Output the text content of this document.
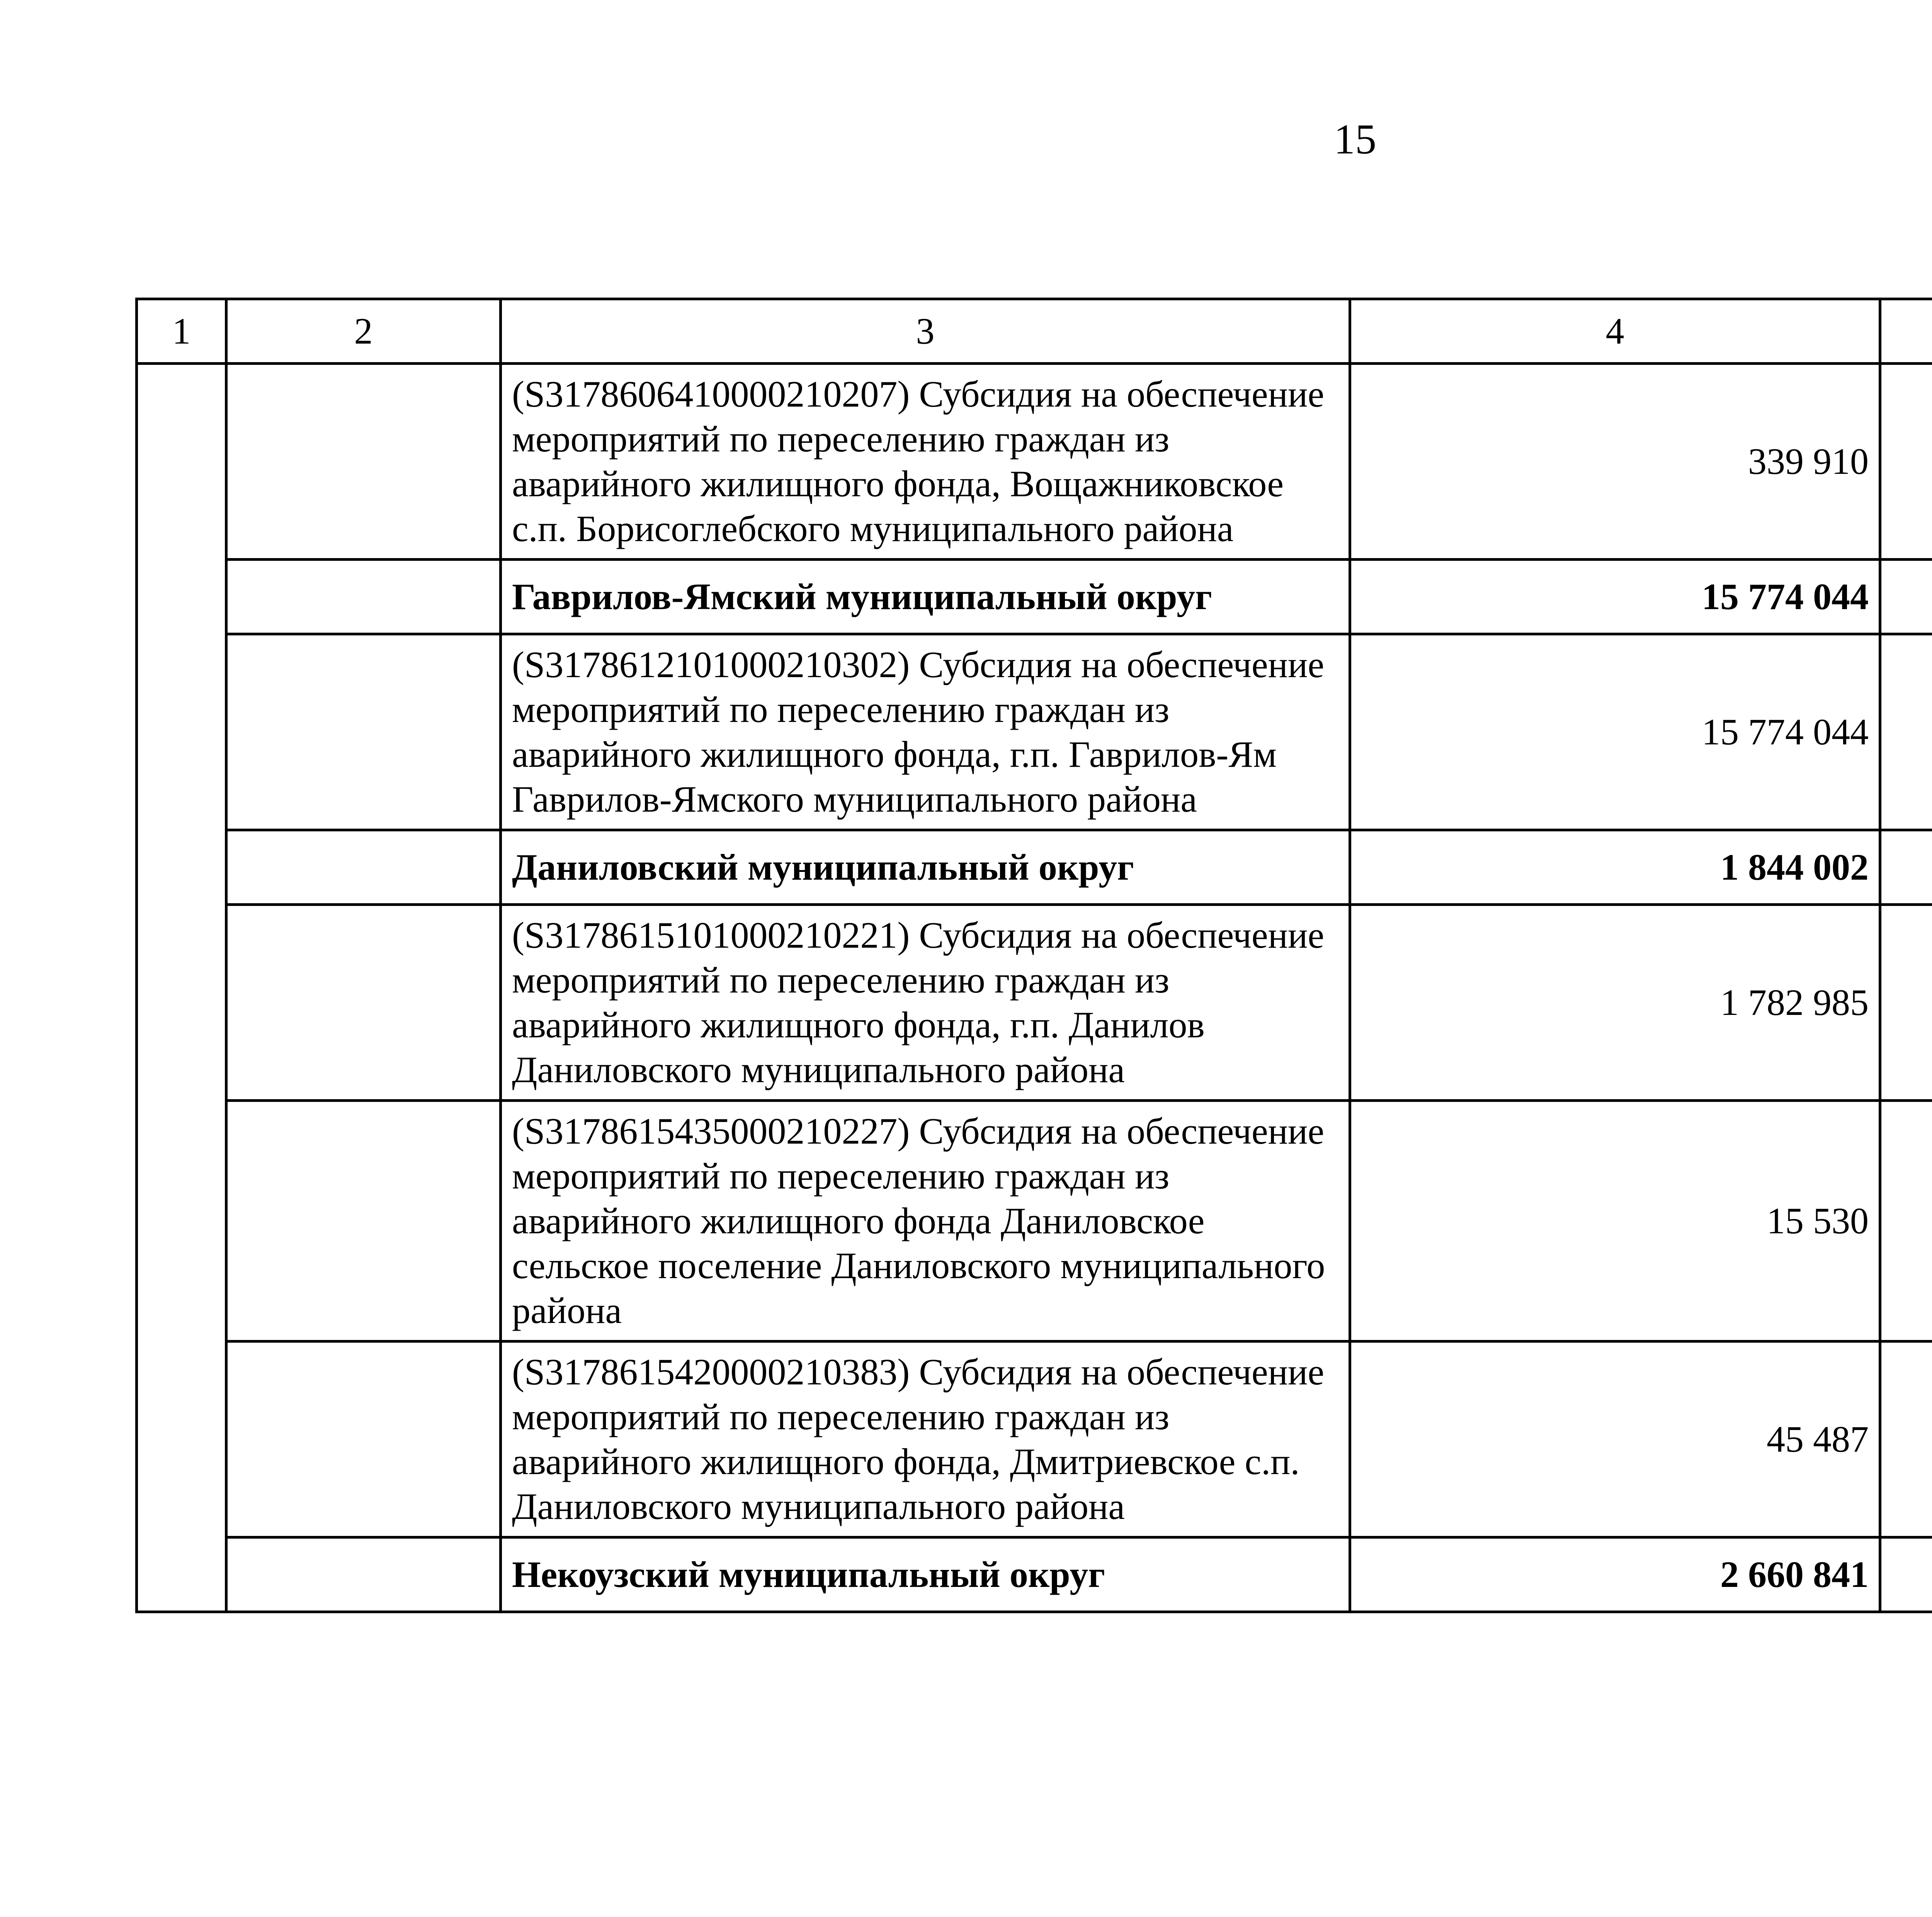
15
1	2	3	4			
		(S3178606410000210207) Субсидия на обеспечение мероприятий по переселению граждан из аварийного жилищного фонда, Вощажниковское с.п. Борисоглебского муниципального района	339 910			
		Гаврилов-Ямский муниципальный округ	15 774 044			
		(S3178612101000210302) Субсидия на обеспечение мероприятий по переселению граждан из аварийного жилищного фонда, г.п. Гаврилов-Ям Гаврилов-Ямского муниципального района	15 774 044			
		Даниловский муниципальный округ	1 844 002			
		(S3178615101000210221) Субсидия на обеспечение мероприятий по переселению граждан из аварийного жилищного фонда, г.п. Данилов Даниловского муниципального района	1 782 985			
		(S3178615435000210227) Субсидия на обеспечение мероприятий по переселению граждан из аварийного жилищного фонда Даниловское сельское поселение Даниловского муниципального района	15 530			
		(S3178615420000210383) Субсидия на обеспечение мероприятий по переселению граждан из аварийного жилищного фонда, Дмитриевское с.п. Даниловского муниципального района	45 487			
		Некоузский муниципальный округ	2 660 841			
